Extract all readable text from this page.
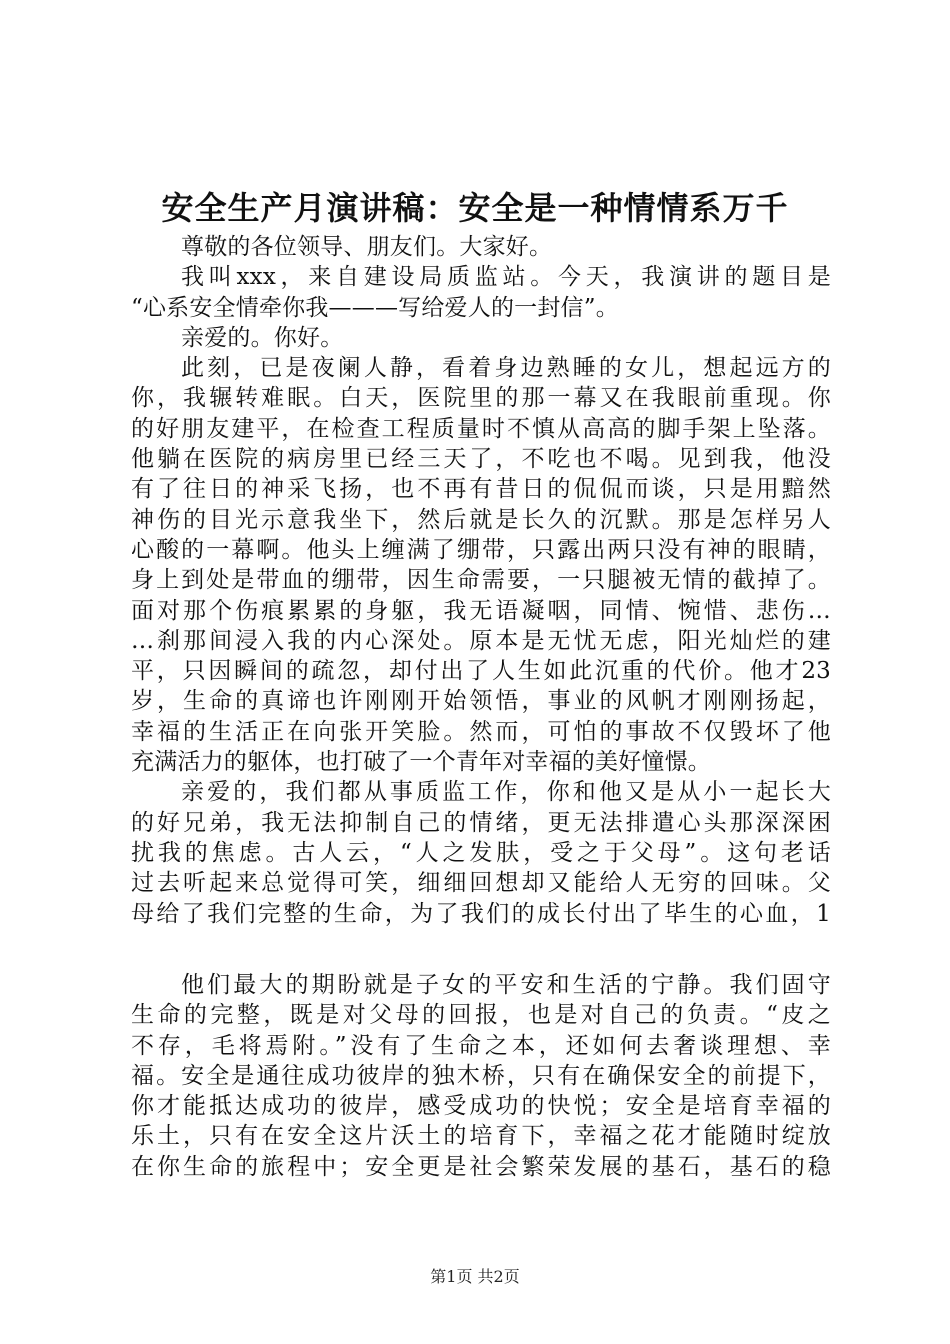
安全生产月演讲稿：安全是一种情情系万千
尊敬的各位领导、朋友们。大家好。
我叫xxx，来自建设局质监站。今天，我演讲的题目是
“心系安全情牵你我———写给爱人的一封信”。
亲爱的。你好。
此刻，已是夜阑人静，看着身边熟睡的女儿，想起远方的
你，我辗转难眠。白天，医院里的那一幕又在我眼前重现。你
的好朋友建平，在检查工程质量时不慎从高高的脚手架上坠落。
他躺在医院的病房里已经三天了，不吃也不喝。见到我，他没
有了往日的神采飞扬，也不再有昔日的侃侃而谈，只是用黯然
神伤的目光示意我坐下，然后就是长久的沉默。那是怎样另人
心酸的一幕啊。他头上缠满了绷带，只露出两只没有神的眼睛，
身上到处是带血的绷带，因生命需要，一只腿被无情的截掉了。
面对那个伤痕累累的身躯，我无语凝咽，同情、惋惜、悲伤…
…刹那间浸入我的内心深处。原本是无忧无虑，阳光灿烂的建
平，只因瞬间的疏忽，却付出了人生如此沉重的代价。他才23
岁，生命的真谛也许刚刚开始领悟，事业的风帆才刚刚扬起，
幸福的生活正在向张开笑脸。然而，可怕的事故不仅毁坏了他
充满活力的躯体，也打破了一个青年对幸福的美好憧憬。
亲爱的，我们都从事质监工作，你和他又是从小一起长大
的好兄弟，我无法抑制自己的情绪，更无法排遣心头那深深困
扰我的焦虑。古人云，“人之发肤，受之于父母”。这句老话
过去听起来总觉得可笑，细细回想却又能给人无穷的回味。父
母给了我们完整的生命，为了我们的成长付出了毕生的心血，1
他们最大的期盼就是子女的平安和生活的宁静。我们固守
生命的完整，既是对父母的回报，也是对自己的负责。“皮之
不存，毛将焉附。”没有了生命之本，还如何去奢谈理想、幸
福。安全是通往成功彼岸的独木桥，只有在确保安全的前提下，
你才能抵达成功的彼岸，感受成功的快悦；安全是培育幸福的
乐土，只有在安全这片沃土的培育下，幸福之花才能随时绽放
在你生命的旅程中；安全更是社会繁荣发展的基石，基石的稳
第1页 共2页
